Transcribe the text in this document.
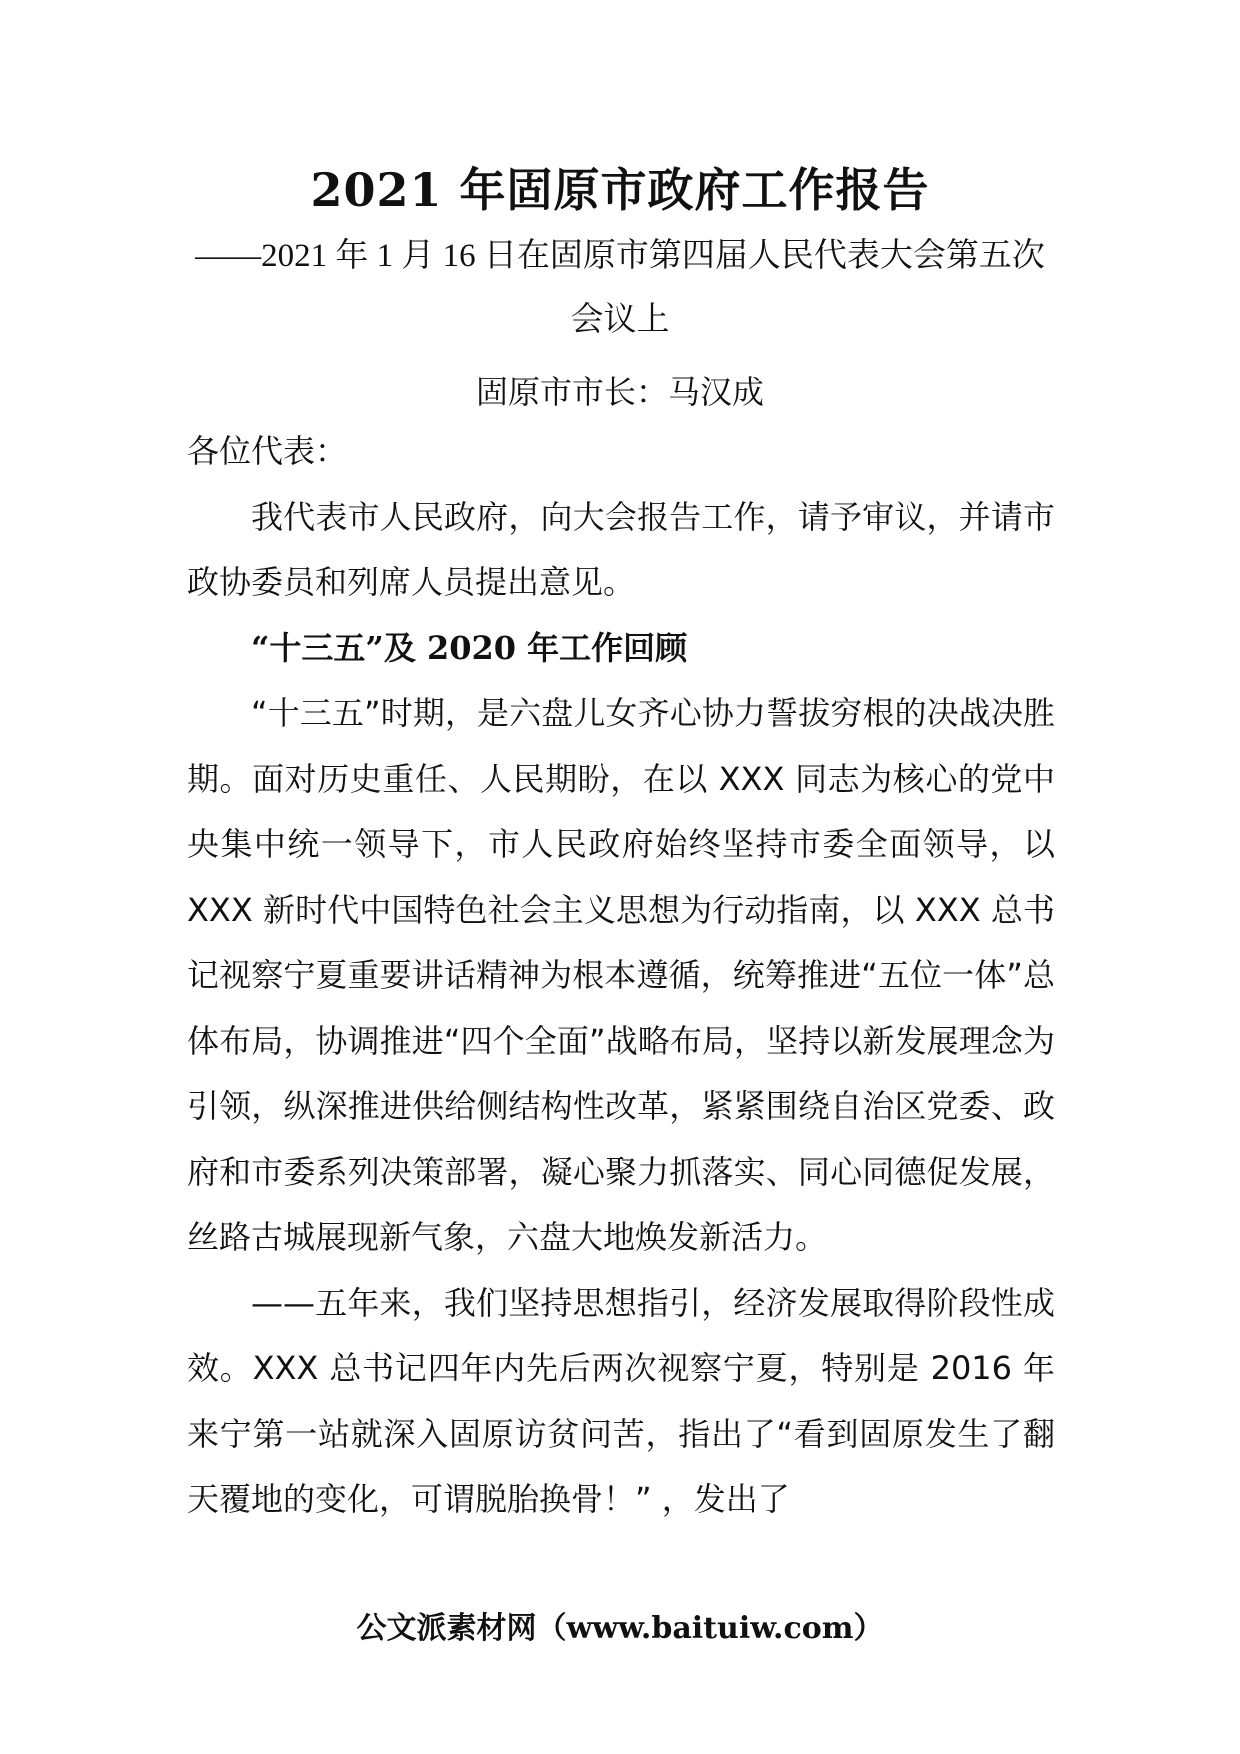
2021 年固原市政府工作报告
——2021 年 1 月 16 日在固原市第四届人民代表大会第五次会议上
固原市市长：马汉成

各位代表：

我代表市人民政府，向大会报告工作，请予审议，并请市政协委员和列席人员提出意见。

“十三五”及 2020 年工作回顾

“十三五”时期，是六盘儿女齐心协力誓拔穷根的决战决胜期。面对历史重任、人民期盼，在以 XXX 同志为核心的党中央集中统一领导下，市人民政府始终坚持市委全面领导，以 XXX 新时代中国特色社会主义思想为行动指南，以 XXX 总书记视察宁夏重要讲话精神为根本遵循，统筹推进“五位一体”总体布局，协调推进“四个全面”战略布局，坚持以新发展理念为引领，纵深推进供给侧结构性改革，紧紧围绕自治区党委、政府和市委系列决策部署，凝心聚力抓落实、同心同德促发展，丝路古城展现新气象，六盘大地焕发新活力。

——五年来，我们坚持思想指引，经济发展取得阶段性成效。XXX 总书记四年内先后两次视察宁夏，特别是 2016 年来宁第一站就深入固原访贫问苦，指出了“看到固原发生了翻天覆地的变化，可谓脱胎换骨！” ，发出了

公文派素材网（www.baituiw.com）
